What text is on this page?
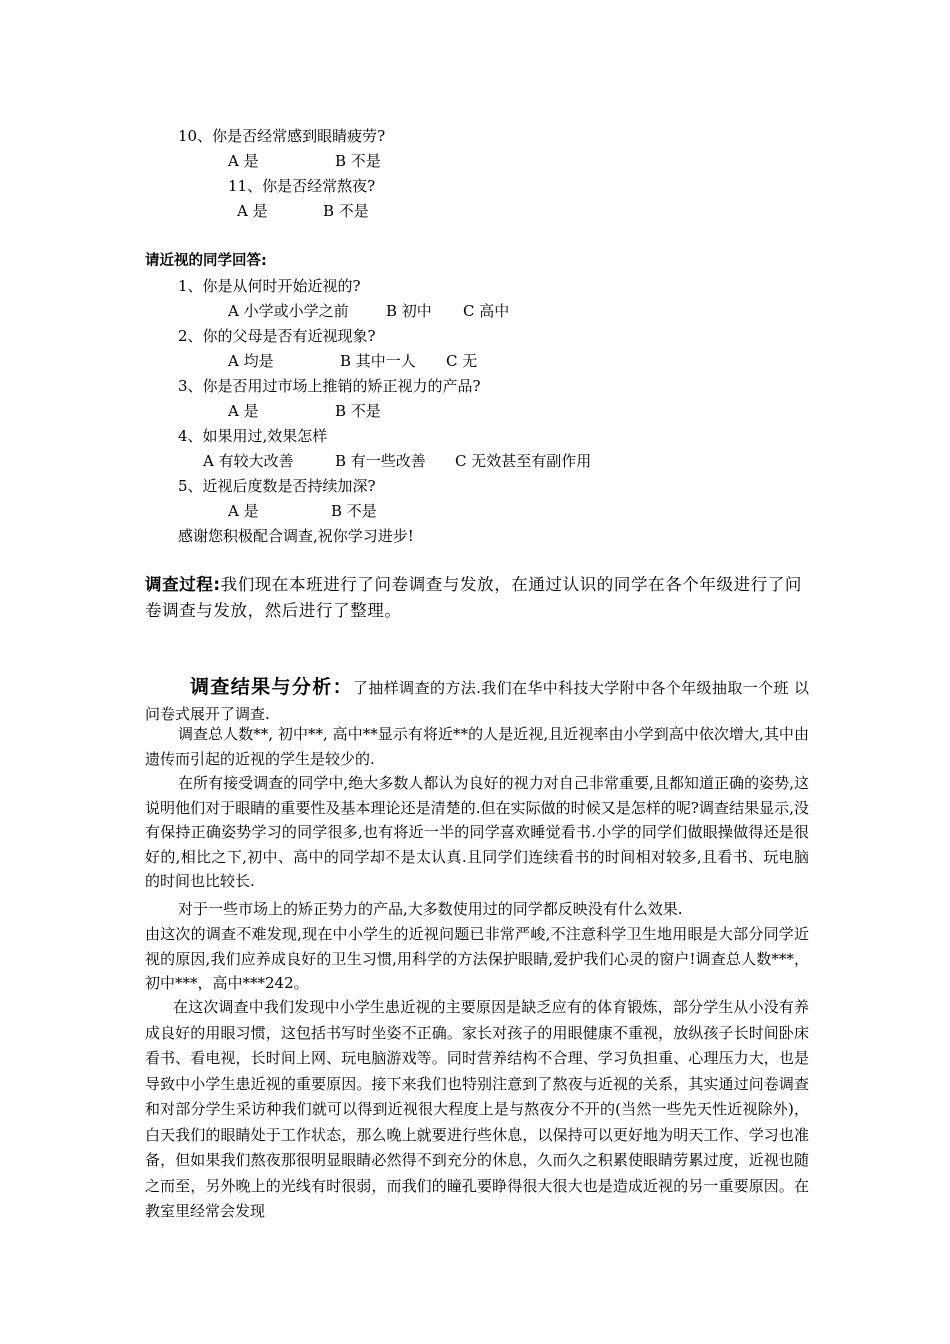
10、你是否经常感到眼睛疲劳?
A 是	B 不是
11、你是否经常熬夜?
A 是	B 不是
请近视的同学回答:
1、你是从何时开始近视的?
A 小学或小学之前 B 初中 C 高中
2、你的父母是否有近视现象?
A 均是	B 其中一人 C 无
3、你是否用过市场上推销的矫正视力的产品?
A 是	B 不是
4、如果用过,效果怎样
A 有较大改善	B 有一些改善 C 无效甚至有副作用
5、近视后度数是否持续加深?
A 是	B 不是
感谢您积极配合调查,祝你学习进步!
调查过程:我们现在本班进行了问卷调查与发放，在通过认识的同学在各个年级进行了问卷调查与发放，然后进行了整理。
调查结果与分析：了抽样调查的方法.我们在华中科技大学附中各个年级抽取一个班 以问卷式展开了调查.
调查总人数**, 初中**, 高中**显示有将近**的人是近视,且近视率由小学到高中依次增大,其中由遗传而引起的近视的学生是较少的.
在所有接受调查的同学中,绝大多数人都认为良好的视力对自己非常重要,且都知道正确的姿势,这说明他们对于眼睛的重要性及基本理论还是清楚的.但在实际做的时候又是怎样的呢?调查结果显示,没有保持正确姿势学习的同学很多,也有将近一半的同学喜欢睡觉看书.小学的同学们做眼操做得还是很好的,相比之下,初中、高中的同学却不是太认真.且同学们连续看书的时间相对较多,且看书、玩电脑的时间也比较长.
对于一些市场上的矫正势力的产品,大多数使用过的同学都反映没有什么效果.
由这次的调查不难发现,现在中小学生的近视问题已非常严峻,不注意科学卫生地用眼是大部分同学近视的原因,我们应养成良好的卫生习惯,用科学的方法保护眼睛,爱护我们心灵的窗户!调查总人数***，初中***，高中***242。
在这次调查中我们发现中小学生患近视的主要原因是缺乏应有的体育锻炼，部分学生从小没有养成良好的用眼习惯，这包括书写时坐姿不正确。家长对孩子的用眼健康不重视，放纵孩子长时间卧床看书、看电视，长时间上网、玩电脑游戏等。同时营养结构不合理、学习负担重、心理压力大，也是导致中小学生患近视的重要原因。接下来我们也特别注意到了熬夜与近视的关系，其实通过问卷调查和对部分学生采访种我们就可以得到近视很大程度上是与熬夜分不开的(当然一些先天性近视除外)，白天我们的眼睛处于工作状态，那么晚上就要进行些休息，以保持可以更好地为明天工作、学习也准备，但如果我们熬夜那很明显眼睛必然得不到充分的休息，久而久之积累使眼睛劳累过度，近视也随之而至，另外晚上的光线有时很弱，而我们的瞳孔要睁得很大很大也是造成近视的另一重要原因。在教室里经常会发现
